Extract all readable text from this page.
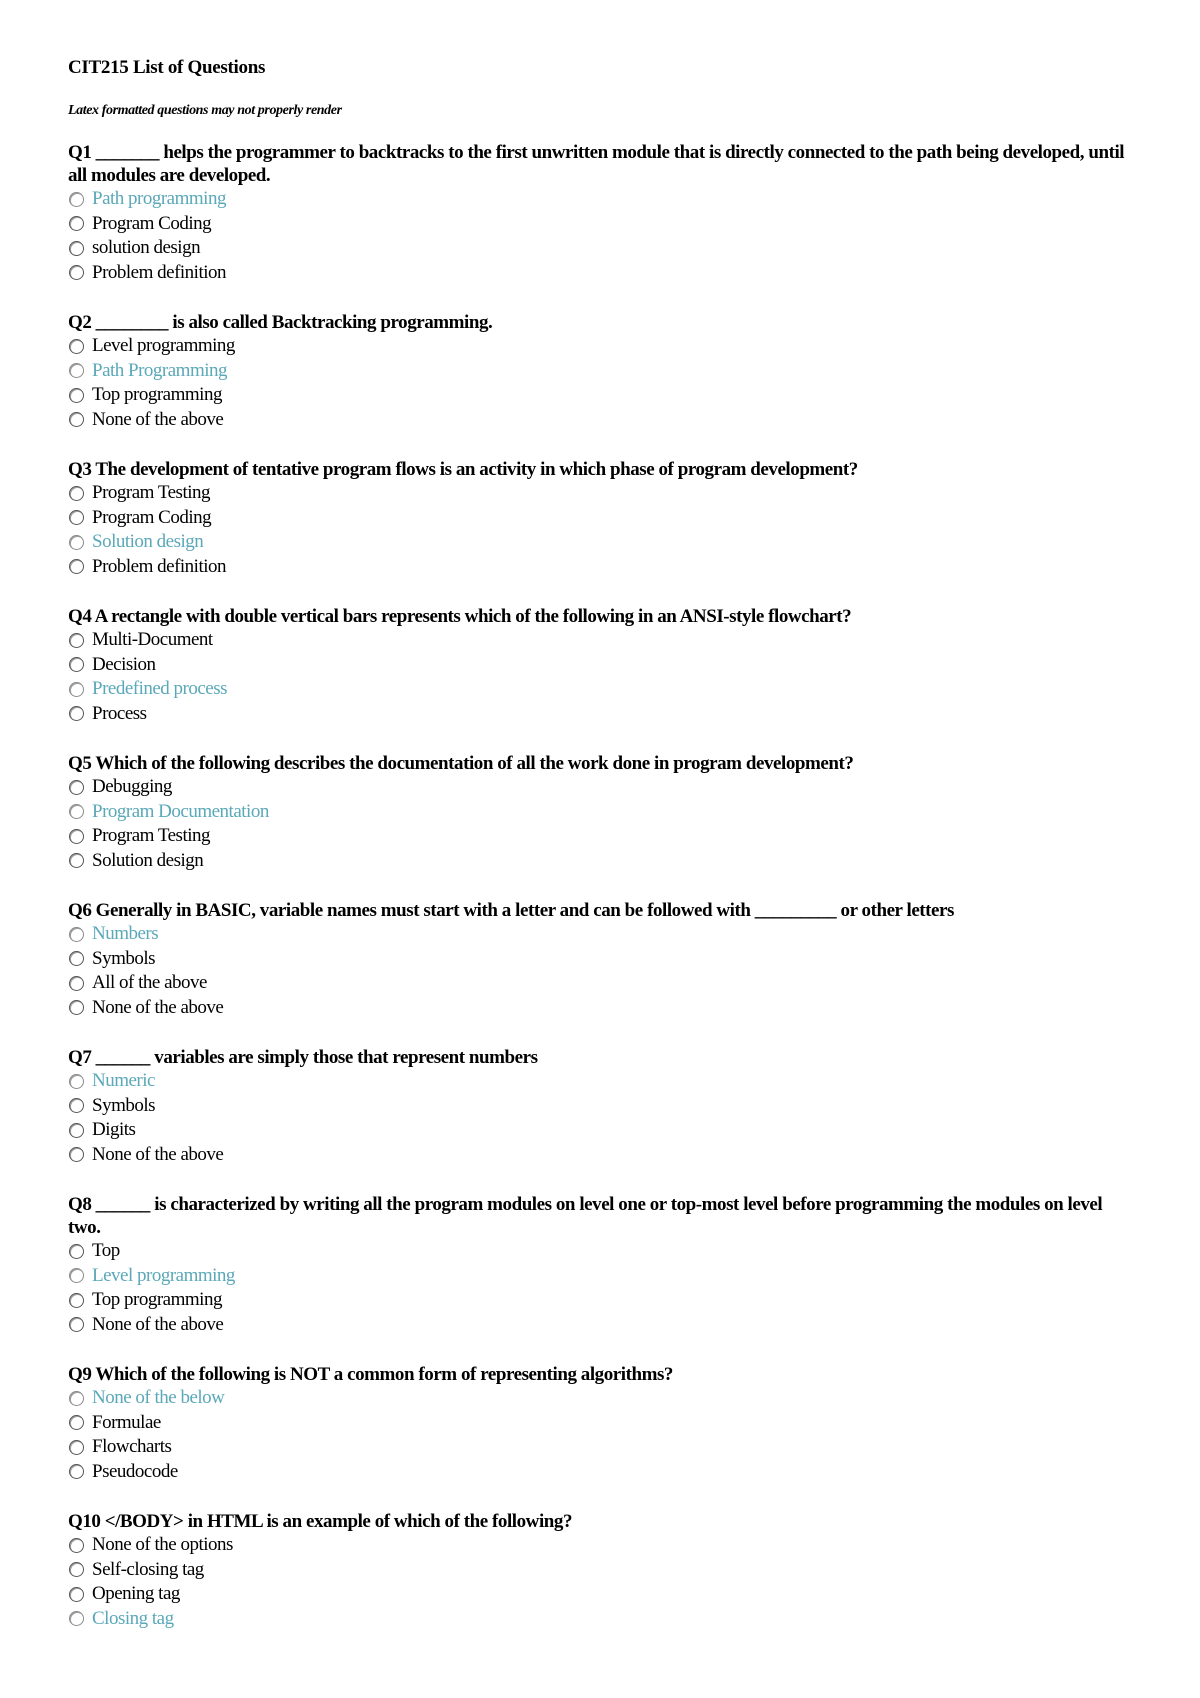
CIT215 List of Questions

Latex formatted questions may not properly render

Q1 _______ helps the programmer to backtracks to the first unwritten module that is directly connected to the path being developed, until all modules are developed.

Path programming
Program Coding
solution design
Problem definition

Q2 ________ is also called Backtracking programming.

Level programming
Path Programming
Top programming
None of the above

Q3 The development of tentative program flows is an activity in which phase of program development?

Program Testing
Program Coding
Solution design
Problem definition

Q4 A rectangle with double vertical bars represents which of the following in an ANSI-style flowchart?

Multi-Document
Decision
Predefined process
Process

Q5 Which of the following describes the documentation of all the work done in program development?

Debugging
Program Documentation
Program Testing
Solution design

Q6 Generally in BASIC, variable names must start with a letter and can be followed with _________ or other letters

Numbers
Symbols
All of the above
None of the above

Q7 ______ variables are simply those that represent numbers

Numeric
Symbols
Digits
None of the above

Q8 ______ is characterized by writing all the program modules on level one or top-most level before programming the modules on level two.

Top
Level programming
Top programming
None of the above

Q9 Which of the following is NOT a common form of representing algorithms?

None of the below
Formulae
Flowcharts
Pseudocode

Q10 </BODY> in HTML is an example of which of the following?

None of the options
Self-closing tag
Opening tag
Closing tag
